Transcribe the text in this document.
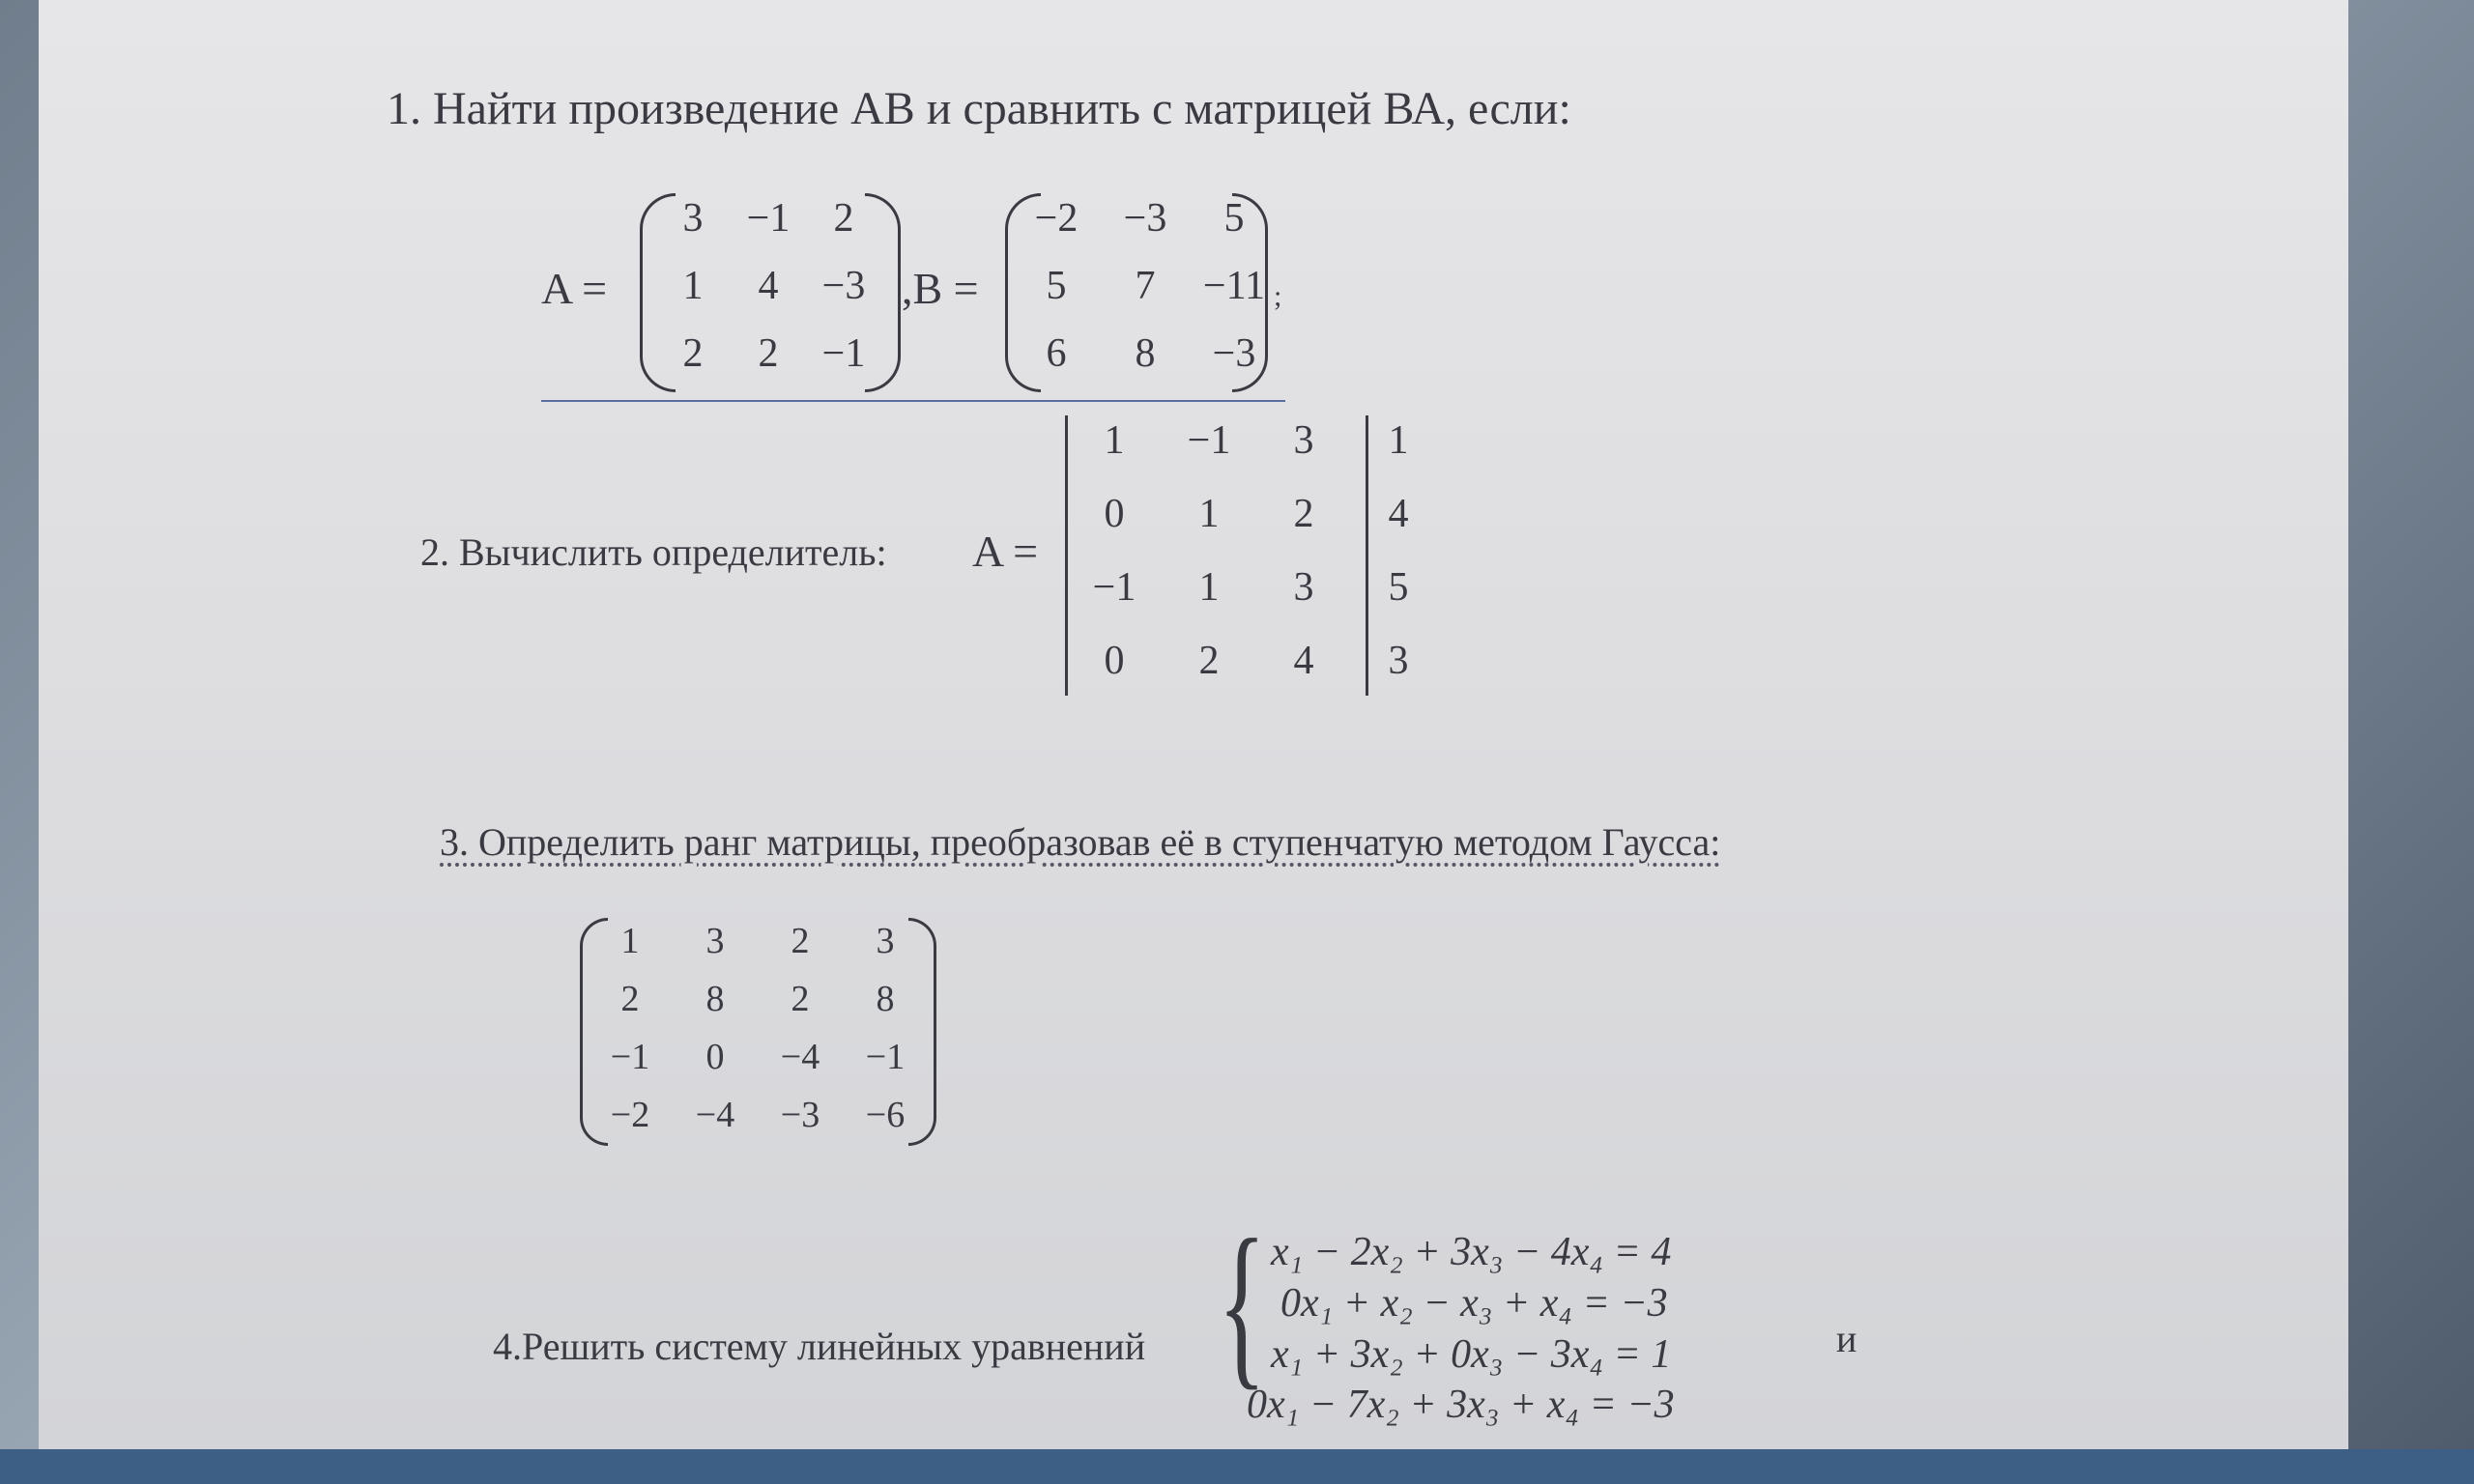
1. Найти произведение АВ и сравнить с матрицей ВА, если:
A =
3	−1	2
1	4	−3
2	2	−1
,B =
−2	−3	5
5	7	−11
6	8	−3
;
2. Вычислить определитель: A =
1	−1	3	1
0	1	2	4
−1	1	3	5
0	2	4	3
3. Определить ранг матрицы, преобразовав её в ступенчатую методом Гаусса:
1	3	2	3
2	8	2	8
−1	0	−4	−1
−2	−4	−3	−6
4.Решить систему линейных уравнений { x₁ − 2x₂ + 3x₃ − 4x₄ = 4
0x₁ + x₂ − x₃ + x₄ = −3
x₁ + 3x₂ + 0x₃ − 3x₄ = 1
0x₁ − 7x₂ + 3x₃ + x₄ = −3
и
